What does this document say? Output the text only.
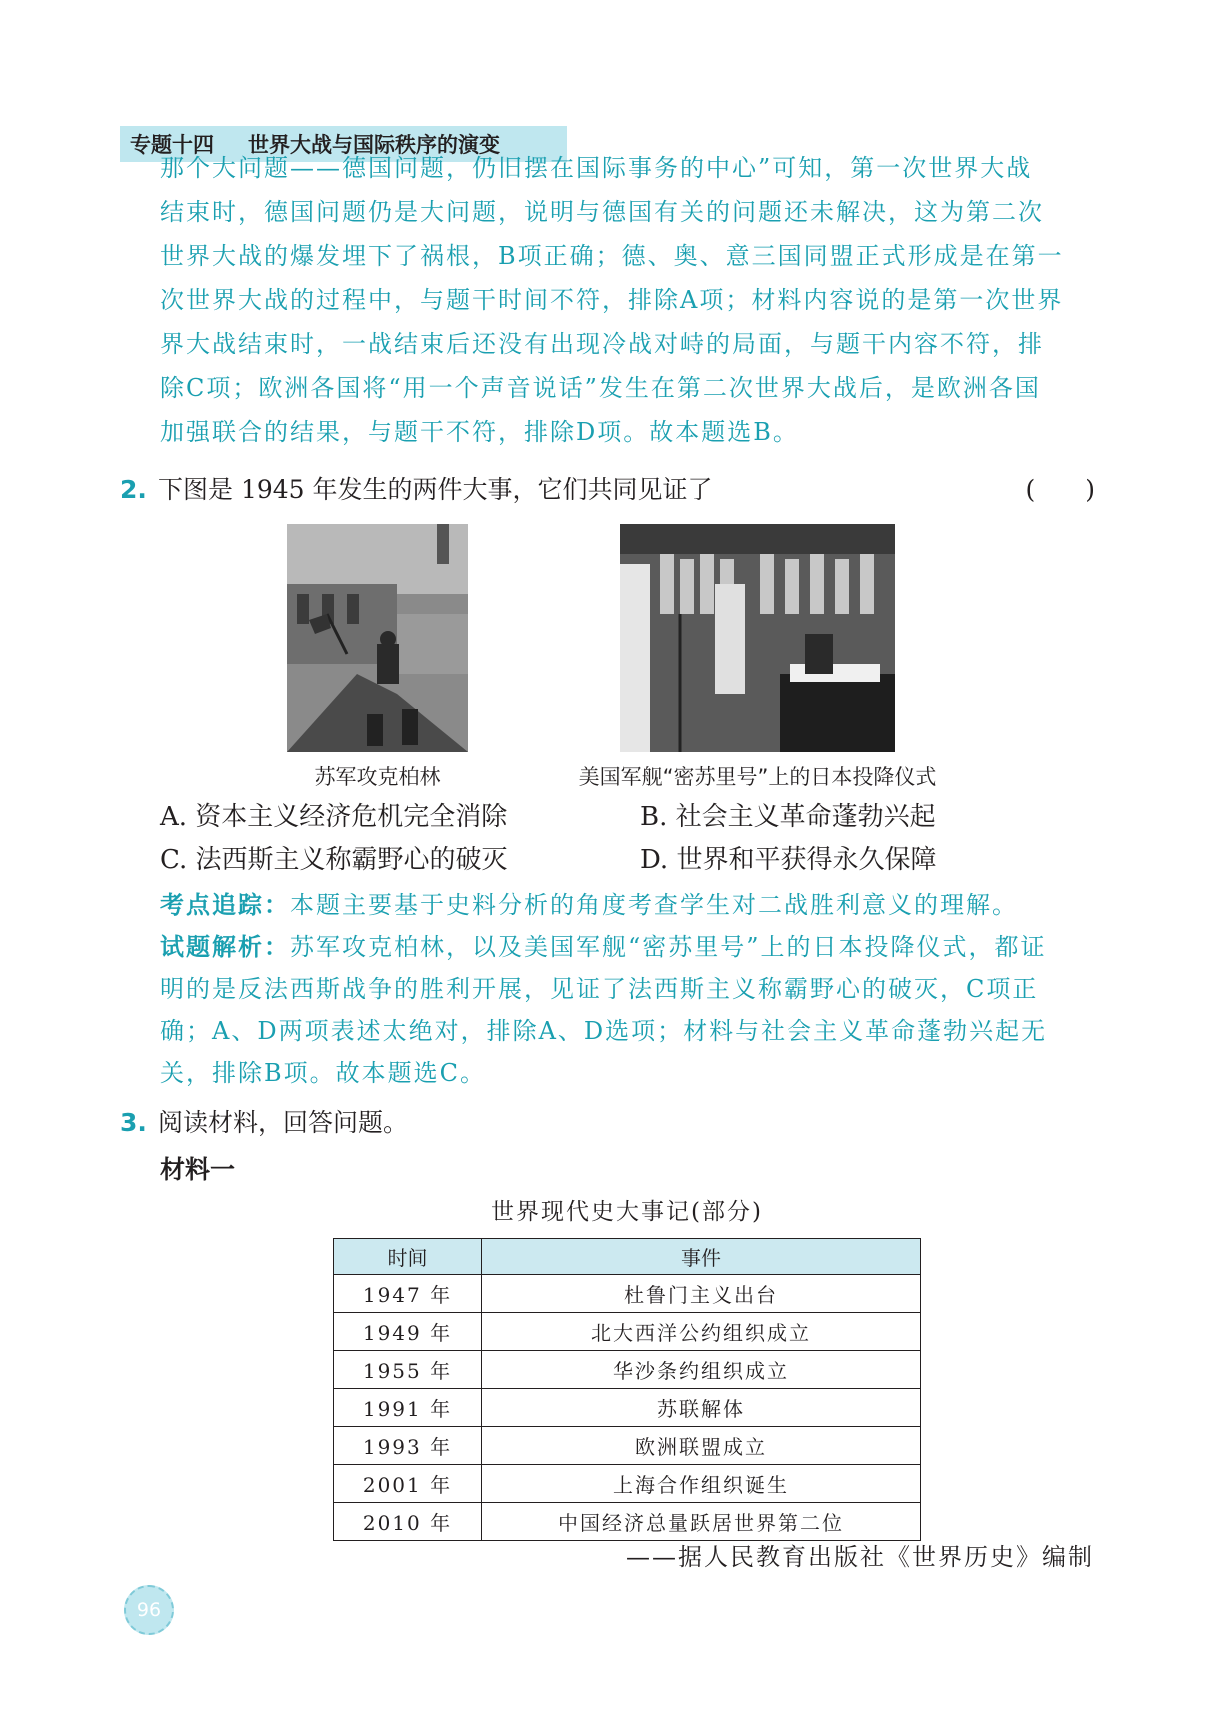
专题十四 世界大战与国际秩序的演变
那个大问题——德国问题，仍旧摆在国际事务的中心”可知，第一次世界大战
结束时，德国问题仍是大问题，说明与德国有关的问题还未解决，这为第二次
世界大战的爆发埋下了祸根，B项正确；德、奥、意三国同盟正式形成是在第一
次世界大战的过程中，与题干时间不符，排除A项；材料内容说的是第一次世界
界大战结束时，一战结束后还没有出现冷战对峙的局面，与题干内容不符，排
除C项；欧洲各国将“用一个声音说话”发生在第二次世界大战后，是欧洲各国
加强联合的结果，与题干不符，排除D项。故本题选B。
2. 下图是 1945 年发生的两件大事，它们共同见证了	(　　)
苏军攻克柏林	美国军舰“密苏里号”上的日本投降仪式
A. 资本主义经济危机完全消除	B. 社会主义革命蓬勃兴起
C. 法西斯主义称霸野心的破灭	D. 世界和平获得永久保障
考点追踪：本题主要基于史料分析的角度考查学生对二战胜利意义的理解。
试题解析：苏军攻克柏林，以及美国军舰“密苏里号”上的日本投降仪式，都证
明的是反法西斯战争的胜利开展，见证了法西斯主义称霸野心的破灭，C项正
确；A、D两项表述太绝对，排除A、D选项；材料与社会主义革命蓬勃兴起无
关，排除B项。故本题选C。
3. 阅读材料，回答问题。
材料一
世界现代史大事记(部分)
时间	事件
1947 年	杜鲁门主义出台
1949 年	北大西洋公约组织成立
1955 年	华沙条约组织成立
1991 年	苏联解体
1993 年	欧洲联盟成立
2001 年	上海合作组织诞生
2010 年	中国经济总量跃居世界第二位
——据人民教育出版社《世界历史》编制
96
